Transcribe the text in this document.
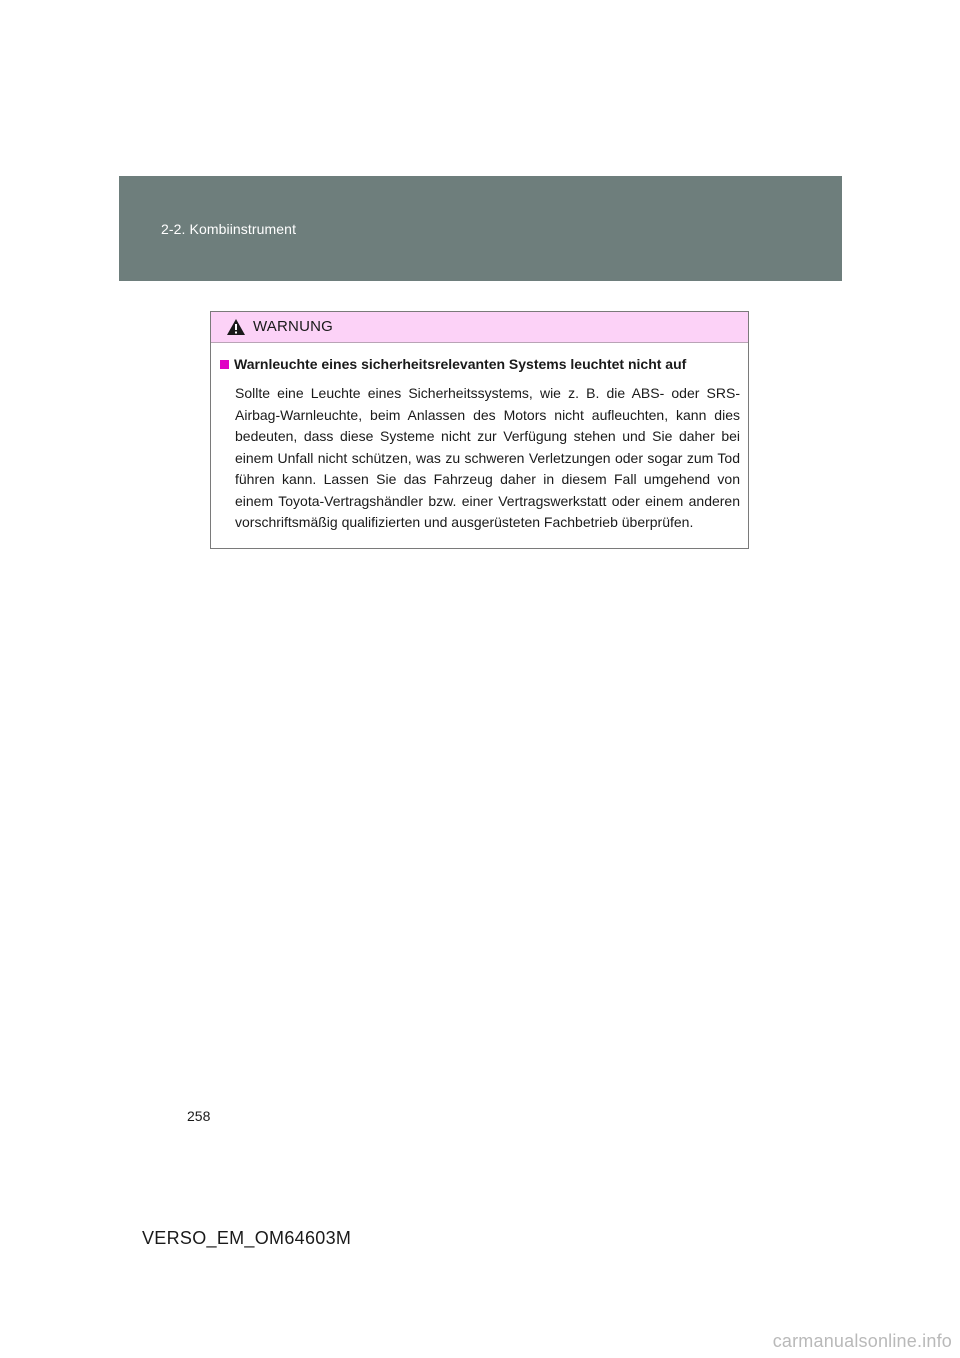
2-2. Kombiinstrument
WARNUNG
Warnleuchte eines sicherheitsrelevanten Systems leuchtet nicht auf

Sollte eine Leuchte eines Sicherheitssystems, wie z. B. die ABS- oder SRS-Airbag-Warnleuchte, beim Anlassen des Motors nicht aufleuchten, kann dies bedeuten, dass diese Systeme nicht zur Verfügung stehen und Sie daher bei einem Unfall nicht schützen, was zu schweren Verletzungen oder sogar zum Tod führen kann. Lassen Sie das Fahrzeug daher in diesem Fall umgehend von einem Toyota-Vertragshändler bzw. einer Vertragswerkstatt oder einem anderen vorschriftsmäßig qualifizierten und ausgerüsteten Fachbetrieb überprüfen.

258
VERSO_EM_OM64603M
carmanualsonline.info
